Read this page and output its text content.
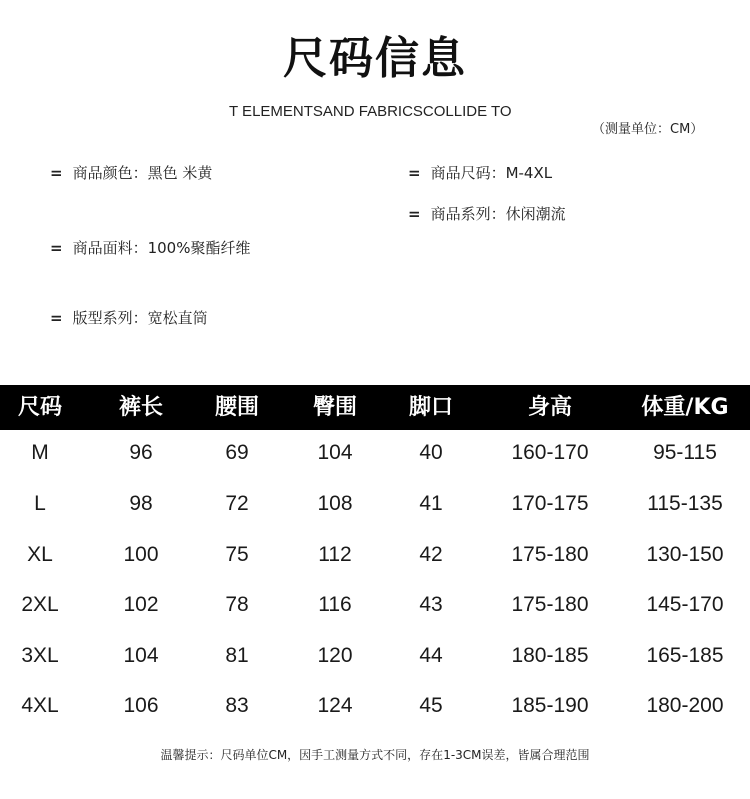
尺码信息
T ELEMENTSAND FABRICSCOLLIDE TO
（测量单位：CM）
= 商品颜色：黑色 米黄	= 商品尺码：M-4XL
= 商品系列：休闲潮流
= 商品面料：100%聚酯纤维
= 版型系列：宽松直筒
尺码	裤长	腰围	臀围	脚口	身高	体重/KG
M	96	69	104	40	160-170	95-115
L	98	72	108	41	170-175	115-135
XL	100	75	112	42	175-180	130-150
2XL	102	78	116	43	175-180	145-170
3XL	104	81	120	44	180-185	165-185
4XL	106	83	124	45	185-190	180-200
温馨提示：尺码单位CM，因手工测量方式不同，存在1-3CM误差，皆属合理范围
